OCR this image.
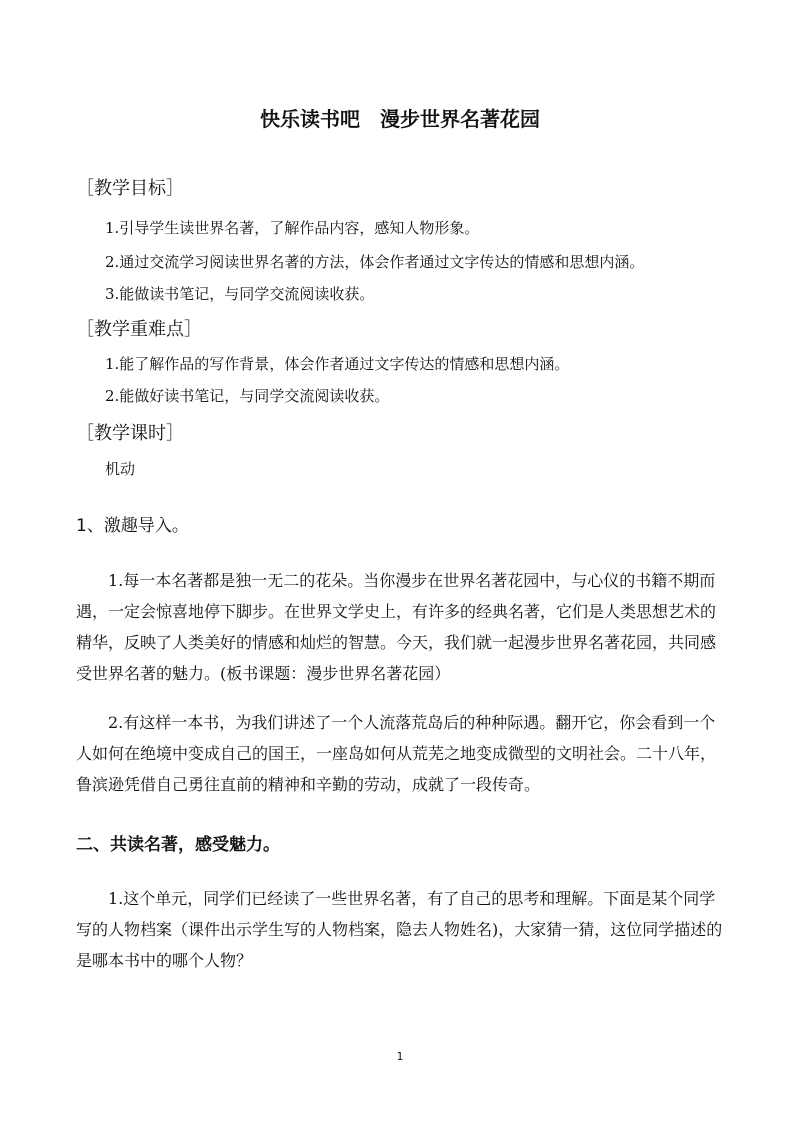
快乐读书吧　漫步世界名著花园
［教学目标］
1.引导学生读世界名著，了解作品内容，感知人物形象。
2.通过交流学习阅读世界名著的方法，体会作者通过文字传达的情感和思想内涵。
3.能做读书笔记，与同学交流阅读收获。
［教学重难点］
1.能了解作品的写作背景，体会作者通过文字传达的情感和思想内涵。
2.能做好读书笔记，与同学交流阅读收获。
［教学课时］
机动
1、激趣导入。
　　1.每一本名著都是独一无二的花朵。当你漫步在世界名著花园中，与心仪的书籍不期而
遇，一定会惊喜地停下脚步。在世界文学史上，有许多的经典名著，它们是人类思想艺术的
精华，反映了人类美好的情感和灿烂的智慧。今天，我们就一起漫步世界名著花园，共同感
受世界名著的魅力。(板书课题：漫步世界名著花园）
　　2.有这样一本书，为我们讲述了一个人流落荒岛后的种种际遇。翻开它，你会看到一个
人如何在绝境中变成自己的国王，一座岛如何从荒芜之地变成微型的文明社会。二十八年，
鲁滨逊凭借自己勇往直前的精神和辛勤的劳动，成就了一段传奇。
二、共读名著，感受魅力。
　　1.这个单元，同学们已经读了一些世界名著，有了自己的思考和理解。下面是某个同学
写的人物档案（课件出示学生写的人物档案，隐去人物姓名)，大家猜一猜，这位同学描述的
是哪本书中的哪个人物？
1
